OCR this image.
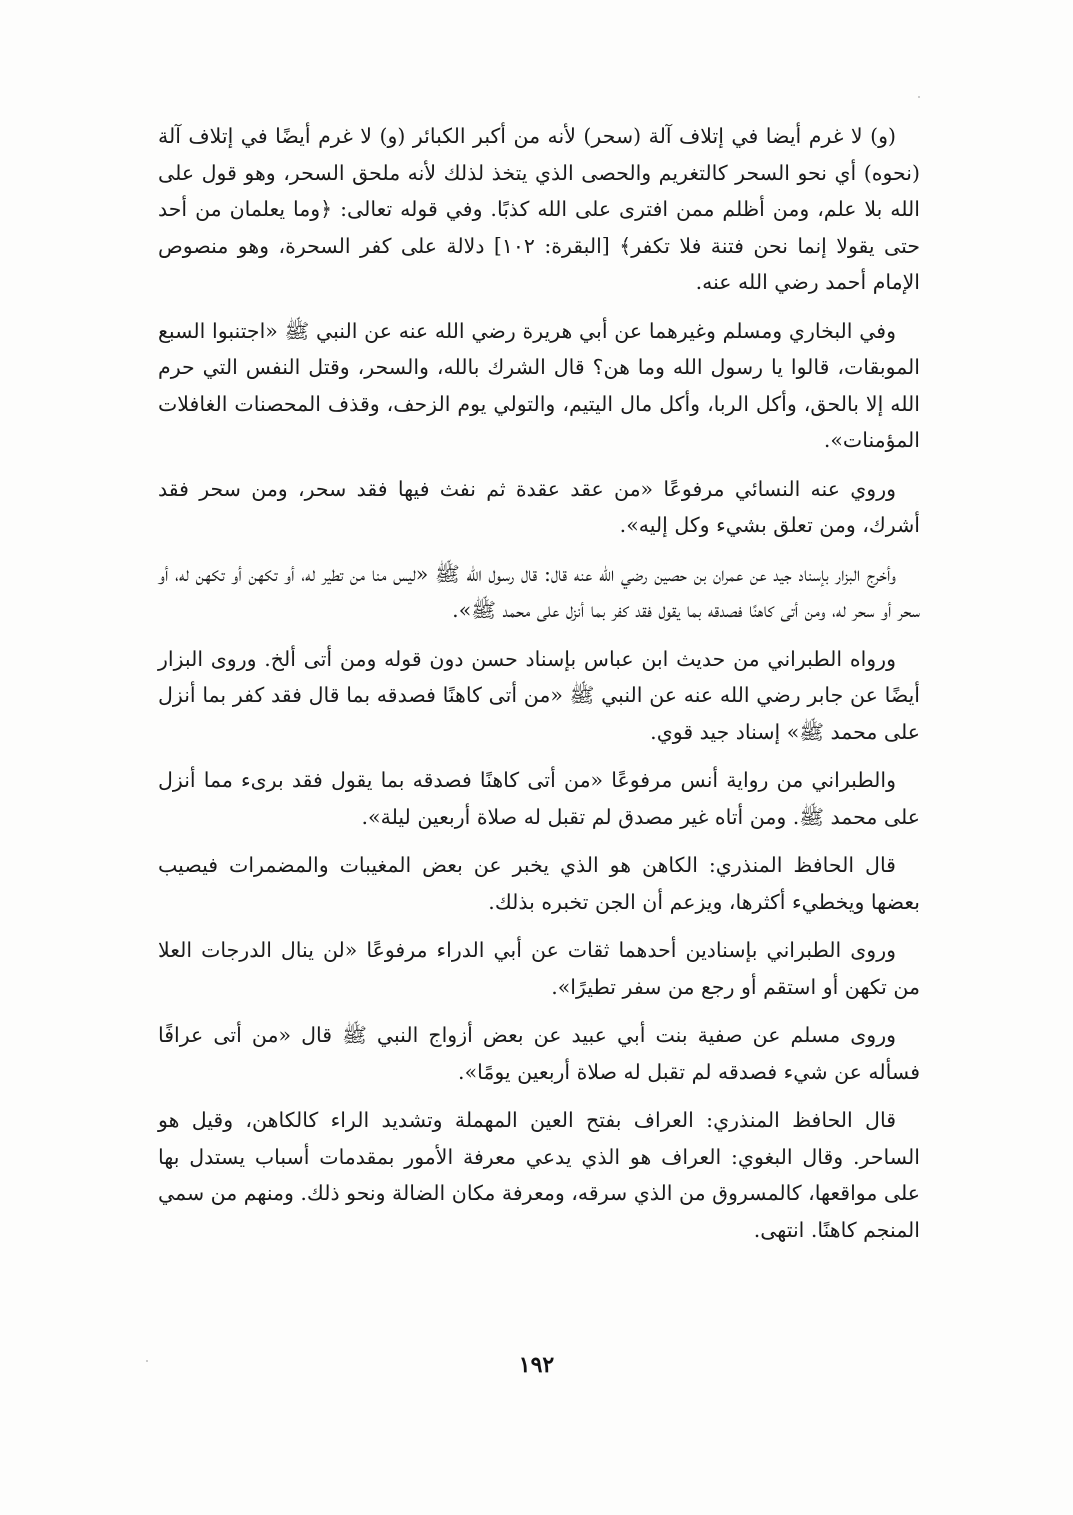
(و) لا غرم أيضا في إتلاف آلة (سحر) لأنه من أكبر الكبائر (و) لا غرم أيضًا في إتلاف آلة (نحوه) أي نحو السحر كالتغريم والحصى الذي يتخذ لذلك لأنه ملحق السحر، وهو قول على الله بلا علم، ومن أظلم ممن افترى على الله كذبًا. وفي قوله تعالى: ﴿وما يعلمان من أحد حتى يقولا إنما نحن فتنة فلا تكفر﴾ [البقرة: ١٠٢] دلالة على كفر السحرة، وهو منصوص الإمام أحمد رضي الله عنه.

وفي البخاري ومسلم وغيرهما عن أبي هريرة رضي الله عنه عن النبي ﷺ «اجتنبوا السبع الموبقات، قالوا يا رسول الله وما هن؟ قال الشرك بالله، والسحر، وقتل النفس التي حرم الله إلا بالحق، وأكل الربا، وأكل مال اليتيم، والتولي يوم الزحف، وقذف المحصنات الغافلات المؤمنات».

وروي عنه النسائي مرفوعًا «من عقد عقدة ثم نفث فيها فقد سحر، ومن سحر فقد أشرك، ومن تعلق بشيء وكل إليه».

وأخرج البزار بإسناد جيد عن عمران بن حصين رضي الله عنه قال: قال رسول الله ﷺ «ليس منا من تطير له، أو تكهن أو تكهن له، أو سحر أو سحر له، ومن أتى كاهنًا فصدقه بما يقول فقد كفر بما أنزل على محمد ﷺ».

ورواه الطبراني من حديث ابن عباس بإسناد حسن دون قوله ومن أتى ألخ. وروى البزار أيضًا عن جابر رضي الله عنه عن النبي ﷺ «من أتى كاهنًا فصدقه بما قال فقد كفر بما أنزل على محمد ﷺ» إسناد جيد قوي.

والطبراني من رواية أنس مرفوعًا «من أتى كاهنًا فصدقه بما يقول فقد برىء مما أنزل على محمد ﷺ. ومن أتاه غير مصدق لم تقبل له صلاة أربعين ليلة».

قال الحافظ المنذري: الكاهن هو الذي يخبر عن بعض المغيبات والمضمرات فيصيب بعضها ويخطيء أكثرها، ويزعم أن الجن تخبره بذلك.

وروى الطبراني بإسنادين أحدهما ثقات عن أبي الدراء مرفوعًا «لن ينال الدرجات العلا من تكهن أو استقم أو رجع من سفر تطيرًا».

وروى مسلم عن صفية بنت أبي عبيد عن بعض أزواج النبي ﷺ قال «من أتى عرافًا فسأله عن شيء فصدقه لم تقبل له صلاة أربعين يومًا».

قال الحافظ المنذري: العراف بفتح العين المهملة وتشديد الراء كالكاهن، وقيل هو الساحر. وقال البغوي: العراف هو الذي يدعي معرفة الأمور بمقدمات أسباب يستدل بها على مواقعها، كالمسروق من الذي سرقه، ومعرفة مكان الضالة ونحو ذلك. ومنهم من سمي المنجم كاهنًا. انتهى.

١٩٢
